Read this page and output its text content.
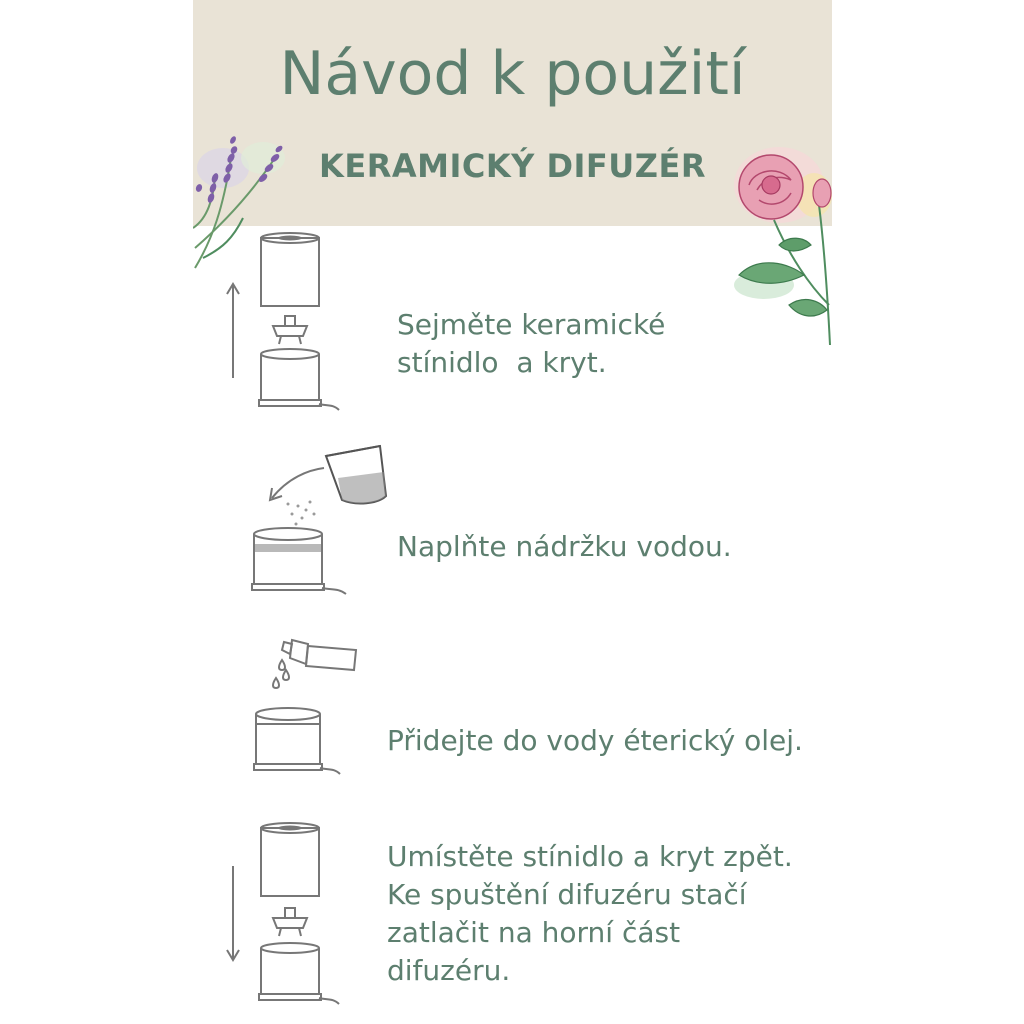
Návod k použití
KERAMICKÝ DIFUZÉR

Sejměte keramické
stínidlo  a kryt.

Naplňte nádržku vodou.

Přidejte do vody éterický olej.

Umístěte stínidlo a kryt zpět.
Ke spuštění difuzéru stačí
zatlačit na horní část
difuzéru.
